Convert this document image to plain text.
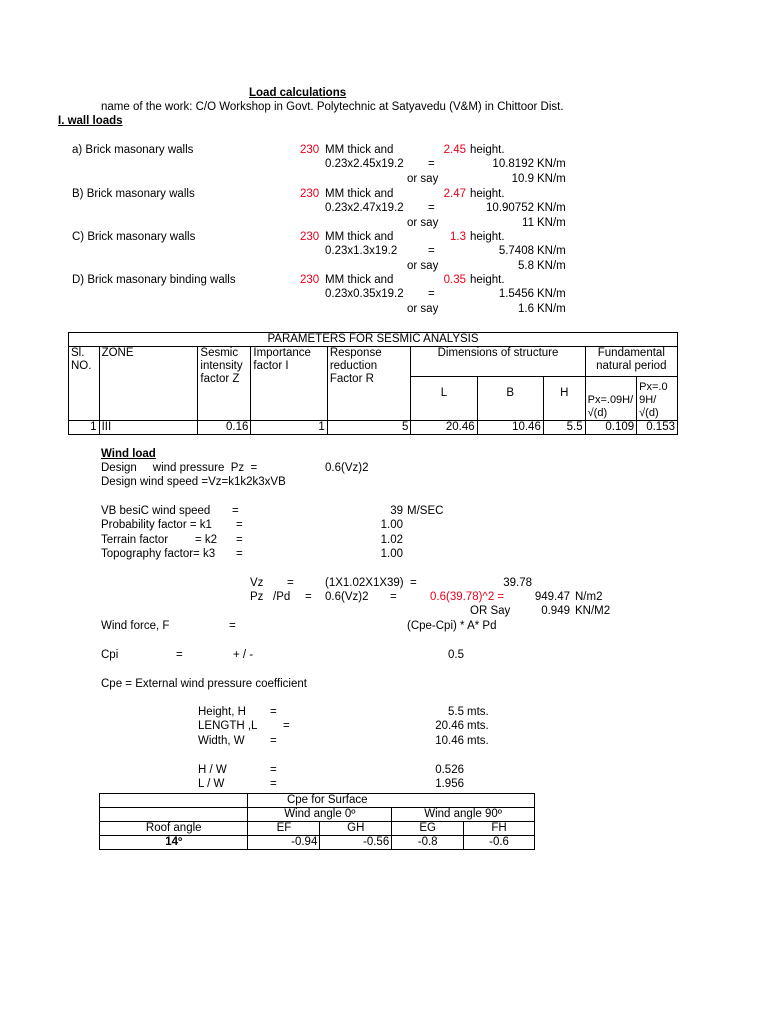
Load calculations
name of the work: C/O Workshop in Govt. Polytechnic at Satyavedu (V&M) in Chittoor Dist.
I. wall loads
a) Brick masonary walls	230 MM thick and	2.45 height.
0.23x2.45x19.2 =	10.8192 KN/m
or say	10.9 KN/m
B) Brick masonary walls	230 MM thick and	2.47 height.
0.23x2.47x19.2 =	10.90752 KN/m
or say	11 KN/m
C) Brick masonary walls	230 MM thick and	1.3 height.
0.23x1.3x19.2	=	5.7408 KN/m
or say	5.8 KN/m
D) Brick masonary binding walls	230 MM thick and	0.35 height.
0.23x0.35x19.2 =	1.5456 KN/m
or say	1.6 KN/m
PARAMETERS FOR SESMIC ANALYSIS									
Sl. NO.	ZONE	Sesmic intensity factor Z	Importance factor I	Response reduction Factor R	Dimensions of structure			Fundamental natural period	
					L	B	H	Px=.09H/ √(d)	Px=.0 9H/ √(d)
1	III	0.16	1	5	20.46	10.46	5.5	0.109	0.153
Wind load
Design     wind pressure  Pz  =	0.6(Vz)2
Design wind speed =Vz=k1k2k3xVB
VB besiC wind speed =	39 M/SEC
Probability factor = k1 =	1.00
Terrain factor = k2 =	1.02
Topography factor= k3 =	1.00
Vz =	(1X1.02X1X39)  =	39.78
Pz   /Pd = 0.6(Vz)2 =	0.6(39.78)^2 =	949.47 N/m2
OR Say	0.949 KN/M2
Wind force, F	=	(Cpe-Cpi) * A* Pd
Cpi	=	+ / -	0.5
Cpe = External wind pressure coefficient
Height, H =	5.5 mts.
LENGTH ,L =	20.46 mts.
Width, W =	10.46 mts.
H / W	=	0.526
L / W	=	1.956
	Cpe for Surface			
	Wind angle 0º		Wind angle 90º	
Roof angle	EF	GH	EG	FH
14º	-0.94	-0.56	-0.8	-0.6
